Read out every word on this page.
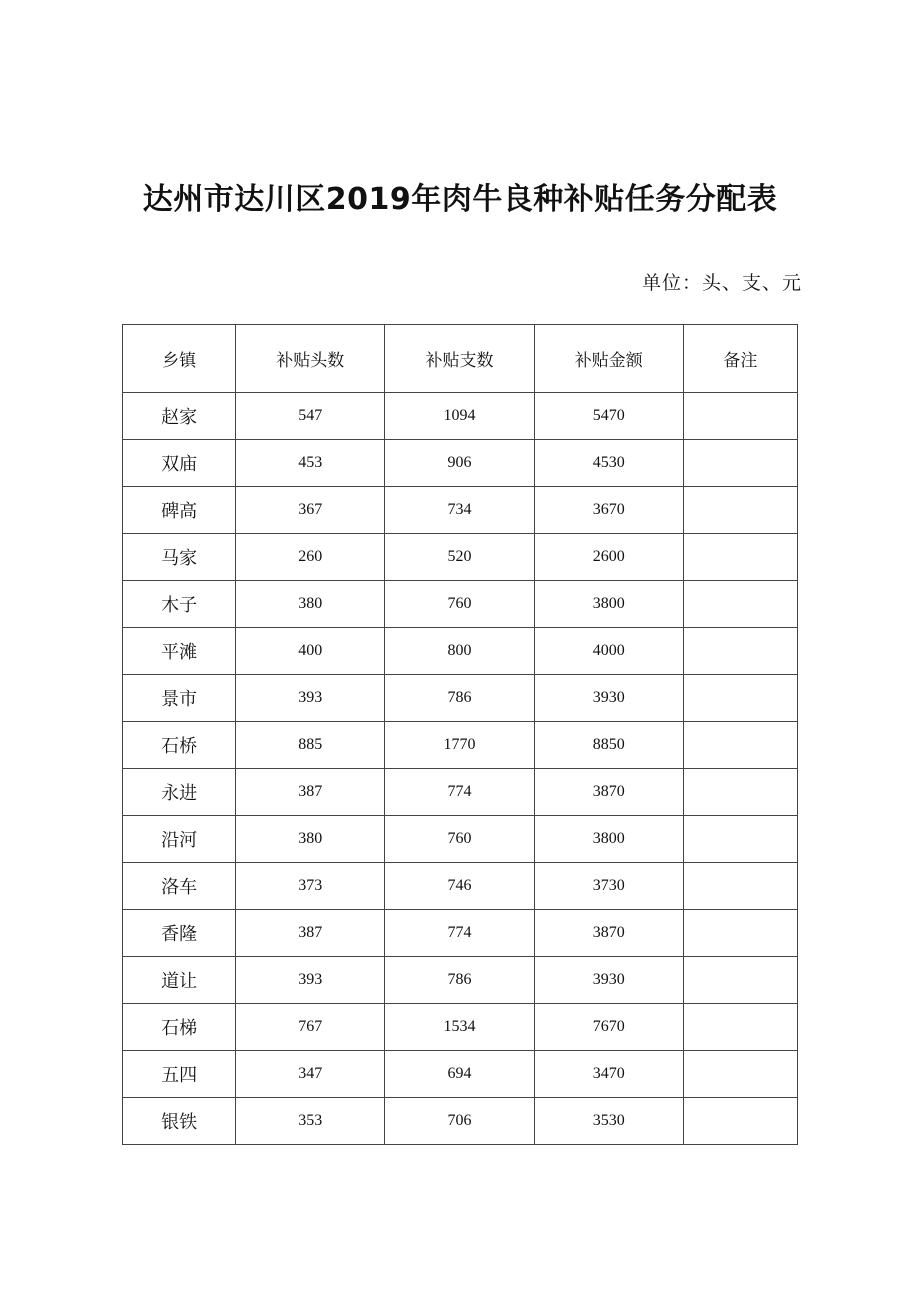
达州市达川区2019年肉牛良种补贴任务分配表
单位：头、支、元
乡镇	补贴头数	补贴支数	补贴金额	备注
赵家	547	1094	5470	
双庙	453	906	4530	
碑高	367	734	3670	
马家	260	520	2600	
木子	380	760	3800	
平滩	400	800	4000	
景市	393	786	3930	
石桥	885	1770	8850	
永进	387	774	3870	
沿河	380	760	3800	
洛车	373	746	3730	
香隆	387	774	3870	
道让	393	786	3930	
石梯	767	1534	7670	
五四	347	694	3470	
银铁	353	706	3530	
